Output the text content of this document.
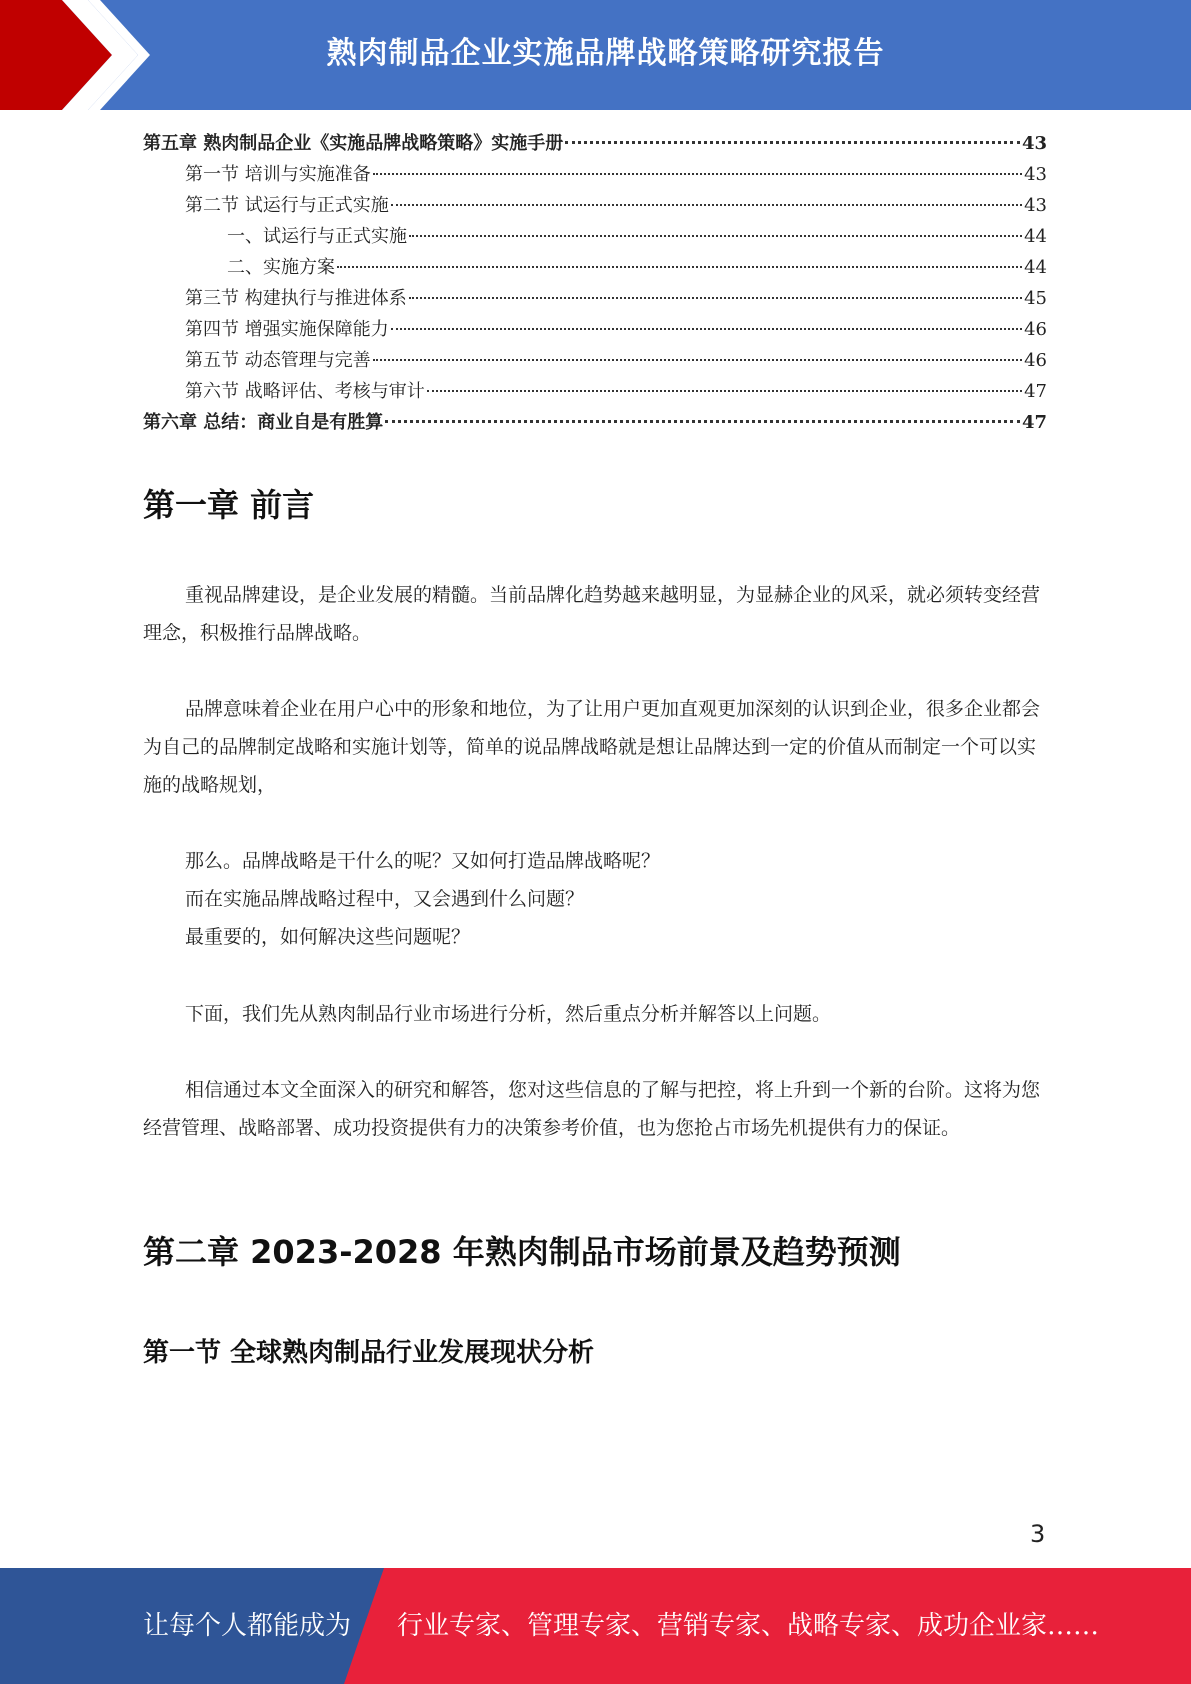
熟肉制品企业实施品牌战略策略研究报告
第五章 熟肉制品企业《实施品牌战略策略》实施手册	43
第一节 培训与实施准备	43
第二节 试运行与正式实施	43
一、试运行与正式实施	44
二、实施方案	44
第三节 构建执行与推进体系	45
第四节 增强实施保障能力	46
第五节 动态管理与完善	46
第六节 战略评估、考核与审计	47
第六章 总结：商业自是有胜算	47
第一章 前言

重视品牌建设，是企业发展的精髓。当前品牌化趋势越来越明显，为显赫企业的风采，就必须转变经营理念，积极推行品牌战略。

品牌意味着企业在用户心中的形象和地位，为了让用户更加直观更加深刻的认识到企业，很多企业都会为自己的品牌制定战略和实施计划等，简单的说品牌战略就是想让品牌达到一定的价值从而制定一个可以实施的战略规划，

那么。品牌战略是干什么的呢？又如何打造品牌战略呢？
而在实施品牌战略过程中，又会遇到什么问题？
最重要的，如何解决这些问题呢？

下面，我们先从熟肉制品行业市场进行分析，然后重点分析并解答以上问题。

相信通过本文全面深入的研究和解答，您对这些信息的了解与把控，将上升到一个新的台阶。这将为您经营管理、战略部署、成功投资提供有力的决策参考价值，也为您抢占市场先机提供有力的保证。

第二章 2023-2028 年熟肉制品市场前景及趋势预测
第一节 全球熟肉制品行业发展现状分析
3
让每个人都能成为 行业专家、管理专家、营销专家、战略专家、成功企业家……
